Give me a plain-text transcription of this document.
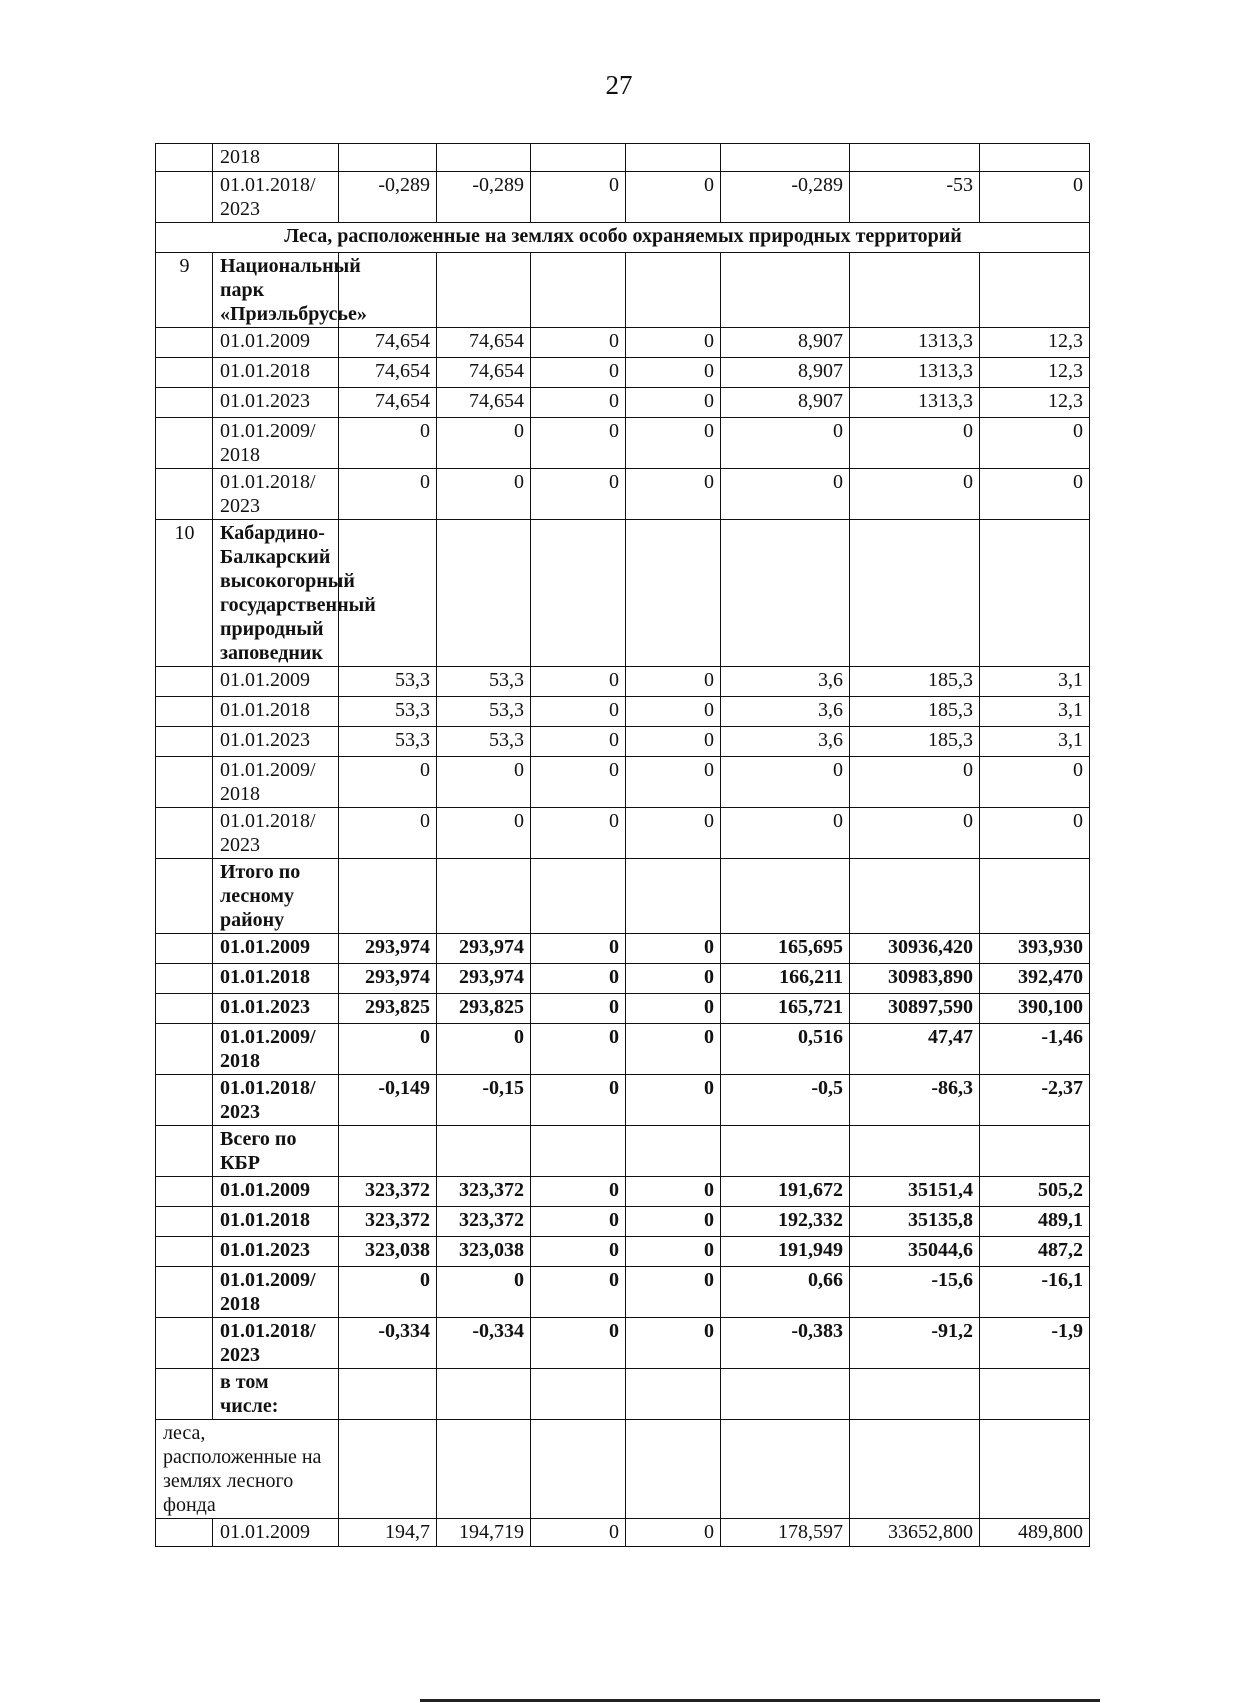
27
	2018							
	01.01.2018/ 2023	-0,289	-0,289	0	0	-0,289	-53	0
Леса, расположенные на землях особо охраняемых природных территорий								
9	Национальный парк «Приэльбрусье»							
	01.01.2009	74,654	74,654	0	0	8,907	1313,3	12,3
	01.01.2018	74,654	74,654	0	0	8,907	1313,3	12,3
	01.01.2023	74,654	74,654	0	0	8,907	1313,3	12,3
	01.01.2009/ 2018	0	0	0	0	0	0	0
	01.01.2018/ 2023	0	0	0	0	0	0	0
10	Кабардино-Балкарский высокогорный государственный природный заповедник							
	01.01.2009	53,3	53,3	0	0	3,6	185,3	3,1
	01.01.2018	53,3	53,3	0	0	3,6	185,3	3,1
	01.01.2023	53,3	53,3	0	0	3,6	185,3	3,1
	01.01.2009/ 2018	0	0	0	0	0	0	0
	01.01.2018/ 2023	0	0	0	0	0	0	0
	Итого по лесному району							
	01.01.2009	293,974	293,974	0	0	165,695	30936,420	393,930
	01.01.2018	293,974	293,974	0	0	166,211	30983,890	392,470
	01.01.2023	293,825	293,825	0	0	165,721	30897,590	390,100
	01.01.2009/ 2018	0	0	0	0	0,516	47,47	-1,46
	01.01.2018/ 2023	-0,149	-0,15	0	0	-0,5	-86,3	-2,37
	Всего по КБР							
	01.01.2009	323,372	323,372	0	0	191,672	35151,4	505,2
	01.01.2018	323,372	323,372	0	0	192,332	35135,8	489,1
	01.01.2023	323,038	323,038	0	0	191,949	35044,6	487,2
	01.01.2009/ 2018	0	0	0	0	0,66	-15,6	-16,1
	01.01.2018/ 2023	-0,334	-0,334	0	0	-0,383	-91,2	-1,9
	в том числе:							
леса, расположенные на землях лесного фонда								
	01.01.2009	194,7	194,719	0	0	178,597	33652,800	489,800
